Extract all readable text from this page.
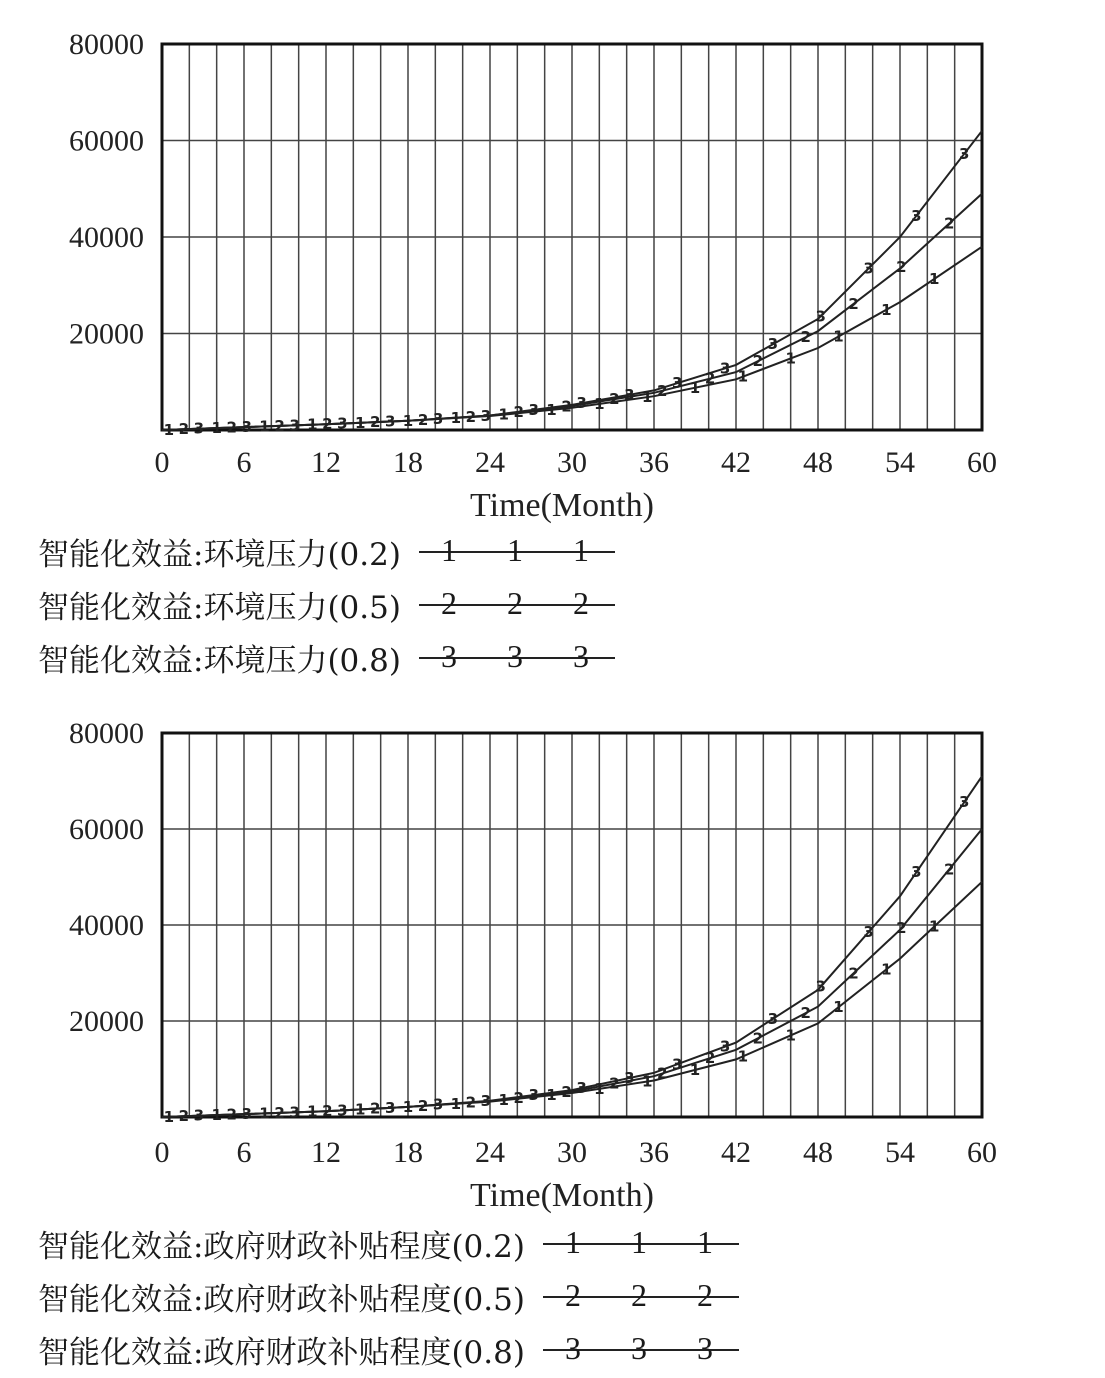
80000
60000
40000
20000
0 6 12 18 24 30 36 42 48 54 60
Time(Month)
1 1 1 1 1 1 1 1 1 1 1
1
1
1
1
1
1
2 2 2 2 2 2 2 2 2 2 2
2
2
2
2
2
2
3 3 3 3 3 3 3 3 3 3
3
3
3
3
3
3
3
80000
60000
40000
20000
0 6 12 18 24 30 36 42 48 54 60
Time(Month)
1 1 1 1 1 1 1 1 1 1 1
1
1
1
1
1
1
2 2 2 2 2 2 2 2 2 2
2
2
2
2
2
2
2
3 3 3 3 3 3 3 3 3
3
3
3
3
3
3
3
3
智能化效益:环境压力(0.2) 1 1 1
智能化效益:环境压力(0.5) 2 2 2
智能化效益:环境压力(0.8) 3 3 3
智能化效益:政府财政补贴程度(0.2) 1 1 1
智能化效益:政府财政补贴程度(0.5) 2 2 2
智能化效益:政府财政补贴程度(0.8) 3 3 3
